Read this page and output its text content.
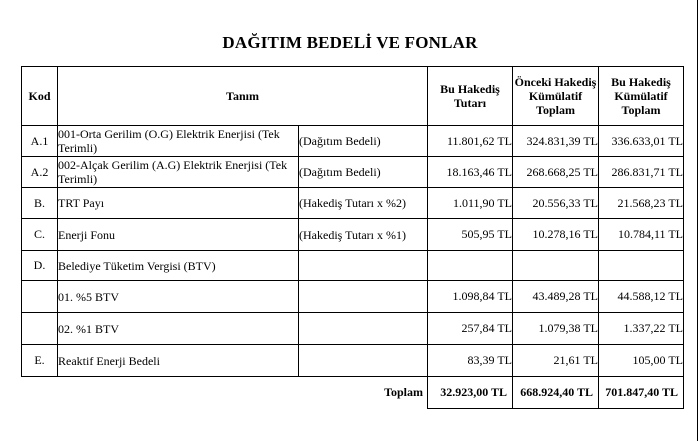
DAĞITIM BEDELİ VE FONLAR
Kod	Tanım		Bu Hakediş Tutarı	Önceki Hakediş Kümülatif Toplam	Bu Hakediş Kümülatif Toplam
A.1	001-Orta Gerilim (O.G) Elektrik Enerjisi (Tek Terimli)	(Dağıtım Bedeli)	11.801,62 TL	324.831,39 TL	336.633,01 TL
A.2	002-Alçak Gerilim (A.G) Elektrik Enerjisi (Tek Terimli)	(Dağıtım Bedeli)	18.163,46 TL	268.668,25 TL	286.831,71 TL
B.	TRT Payı	(Hakediş Tutarı x %2)	1.011,90 TL	20.556,33 TL	21.568,23 TL
C.	Enerji Fonu	(Hakediş Tutarı x %1)	505,95 TL	10.278,16 TL	10.784,11 TL
D.	Belediye Tüketim Vergisi (BTV)				
	01. %5 BTV		1.098,84 TL	43.489,28 TL	44.588,12 TL
	02. %1 BTV		257,84 TL	1.079,38 TL	1.337,22 TL
E.	Reaktif Enerji Bedeli		83,39 TL	21,61 TL	105,00 TL
Toplam			32.923,00 TL	668.924,40 TL	701.847,40 TL
